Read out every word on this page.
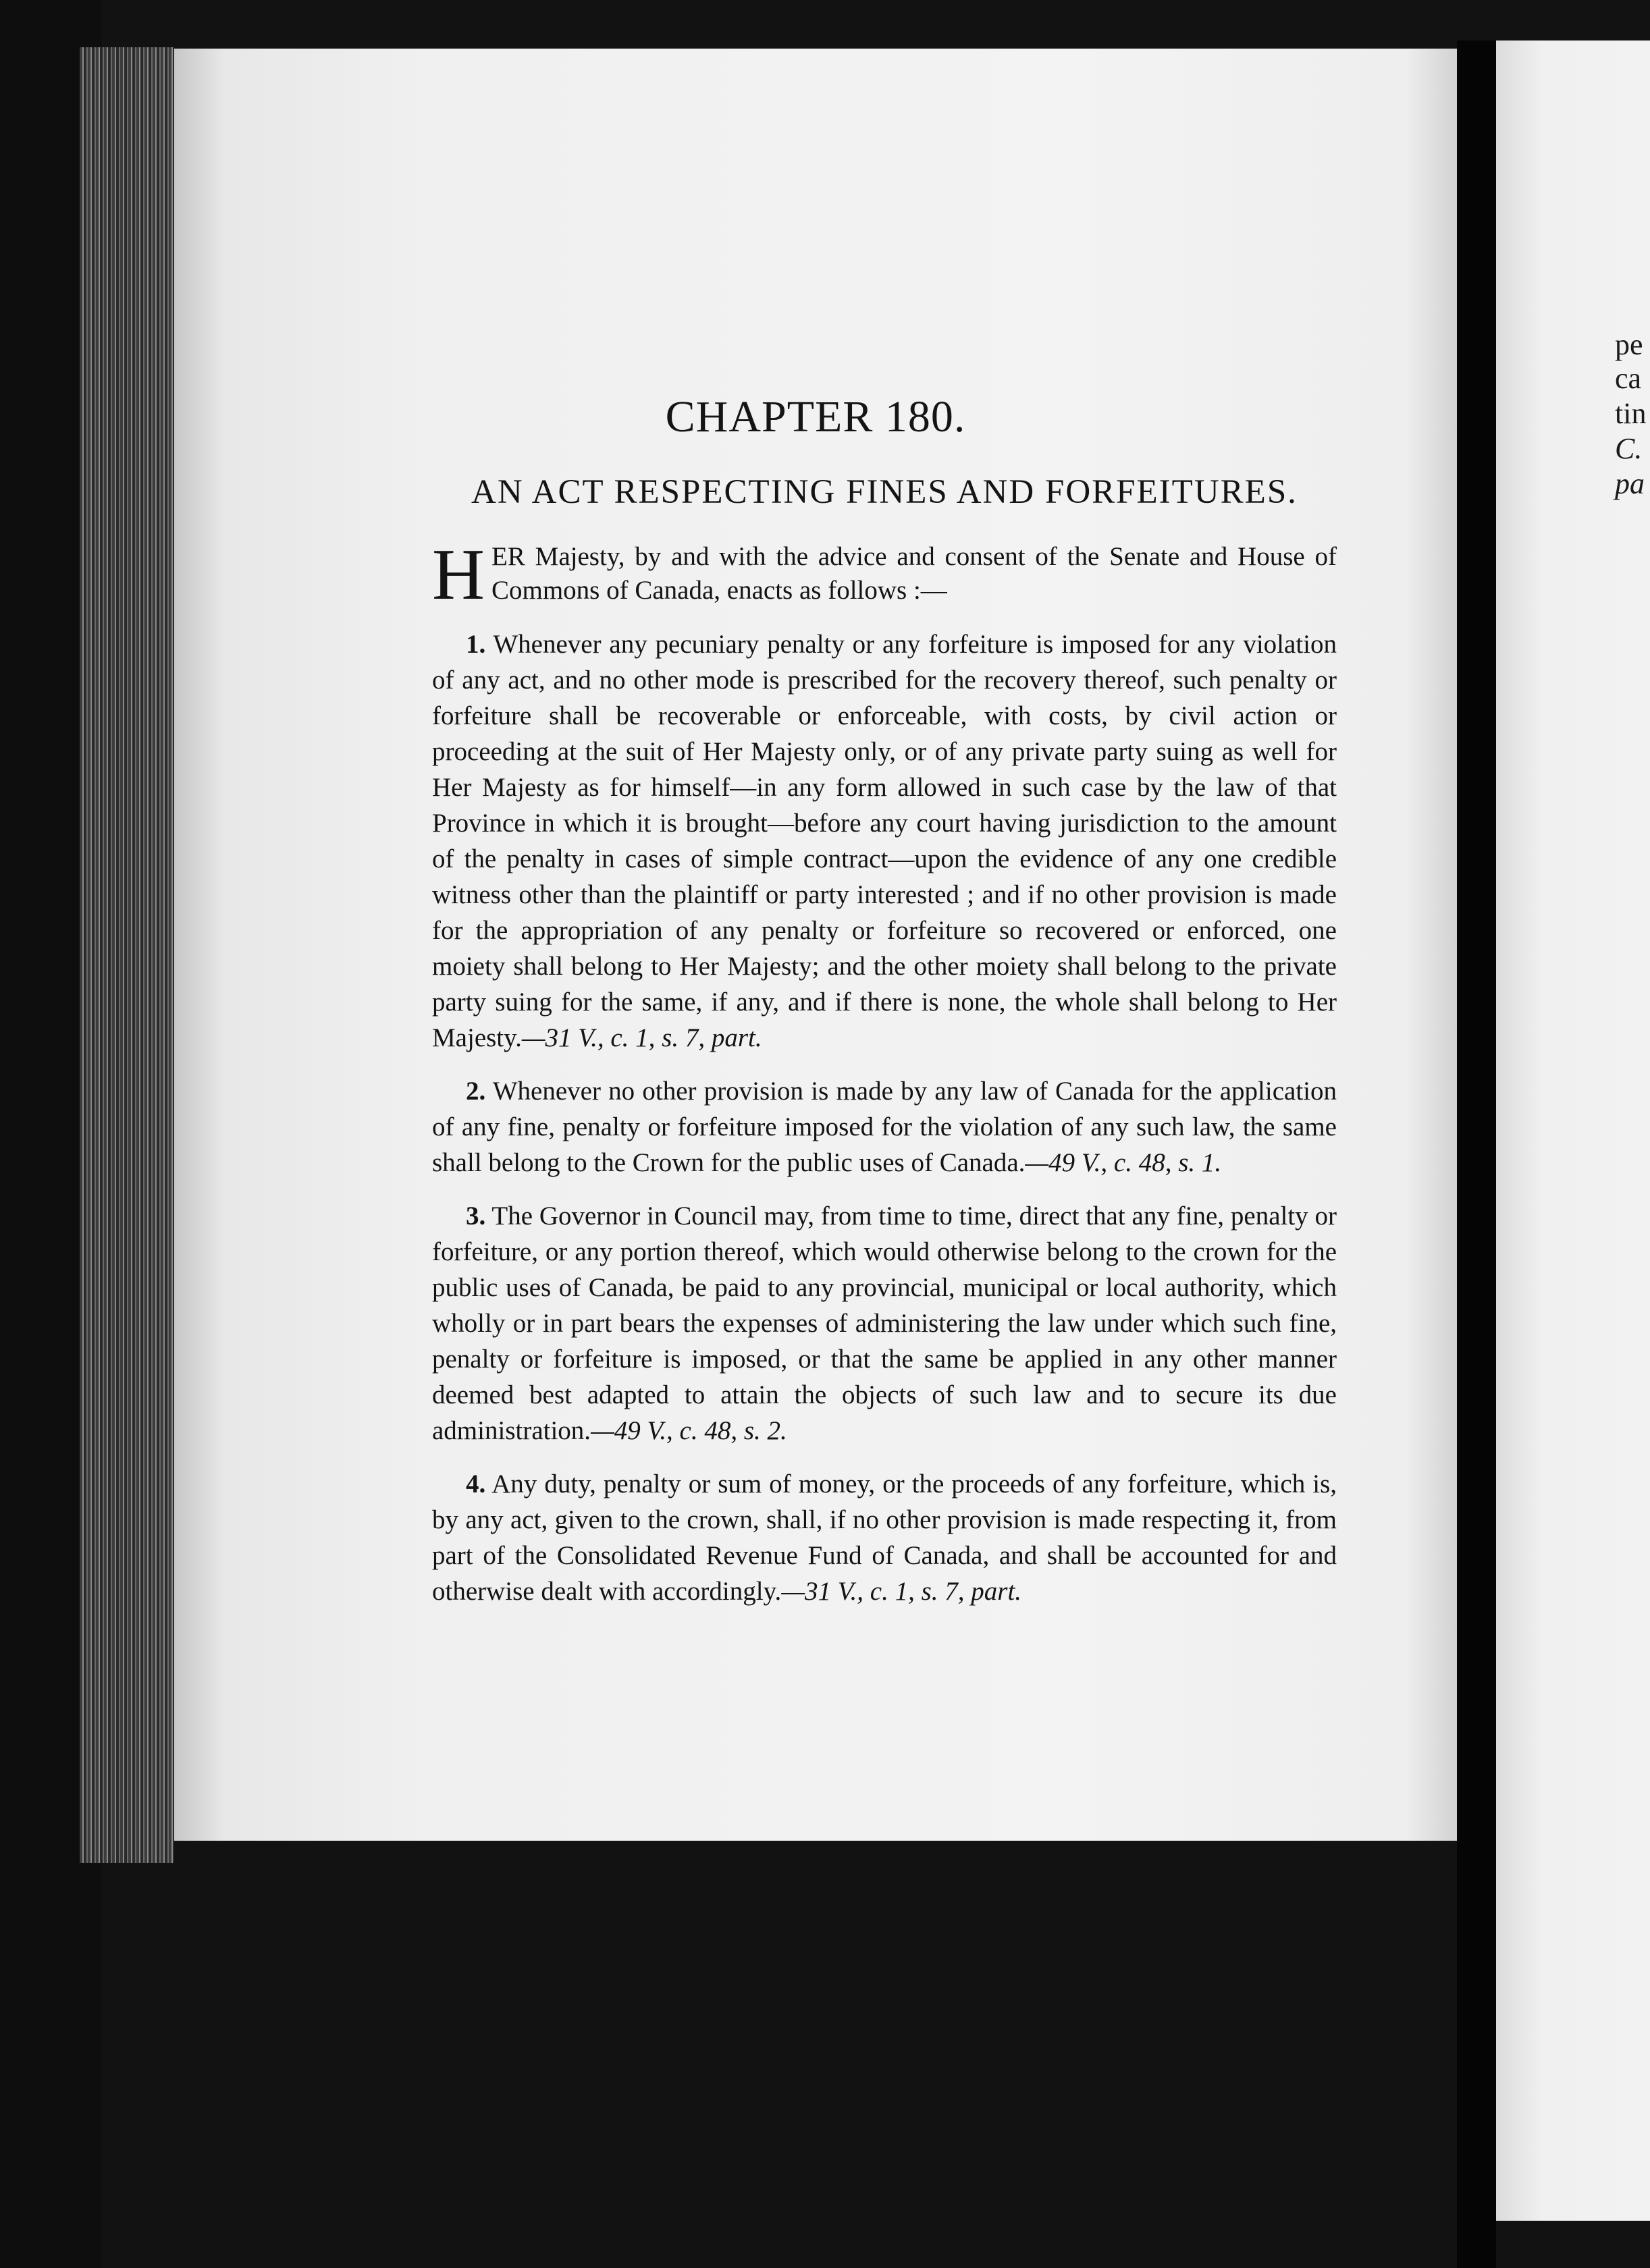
pe
ca
tin
C.
pa
CHAPTER 180.
AN ACT RESPECTING FINES AND FORFEITURES.

HER Majesty, by and with the advice and consent of the Senate and House of Commons of Canada, enacts as follows :—

1. Whenever any pecuniary penalty or any forfeiture is imposed for any violation of any act, and no other mode is prescribed for the recovery thereof, such penalty or forfeiture shall be recoverable or enforceable, with costs, by civil action or proceeding at the suit of Her Majesty only, or of any private party suing as well for Her Majesty as for himself—in any form allowed in such case by the law of that Province in which it is brought—before any court having jurisdiction to the amount of the penalty in cases of simple contract—upon the evidence of any one credible witness other than the plaintiff or party interested ; and if no other provision is made for the appropriation of any penalty or forfeiture so recovered or enforced, one moiety shall belong to Her Majesty; and the other moiety shall belong to the private party suing for the same, if any, and if there is none, the whole shall belong to Her Majesty.—31 V., c. 1, s. 7, part.

2. Whenever no other provision is made by any law of Canada for the application of any fine, penalty or forfeiture imposed for the violation of any such law, the same shall belong to the Crown for the public uses of Canada.—49 V., c. 48, s. 1.

3. The Governor in Council may, from time to time, direct that any fine, penalty or forfeiture, or any portion thereof, which would otherwise belong to the crown for the public uses of Canada, be paid to any provincial, municipal or local authority, which wholly or in part bears the expenses of administering the law under which such fine, penalty or forfeiture is imposed, or that the same be applied in any other manner deemed best adapted to attain the objects of such law and to secure its due administration.—49 V., c. 48, s. 2.

4. Any duty, penalty or sum of money, or the proceeds of any forfeiture, which is, by any act, given to the crown, shall, if no other provision is made respecting it, from part of the Consolidated Revenue Fund of Canada, and shall be accounted for and otherwise dealt with accordingly.—31 V., c. 1, s. 7, part.
